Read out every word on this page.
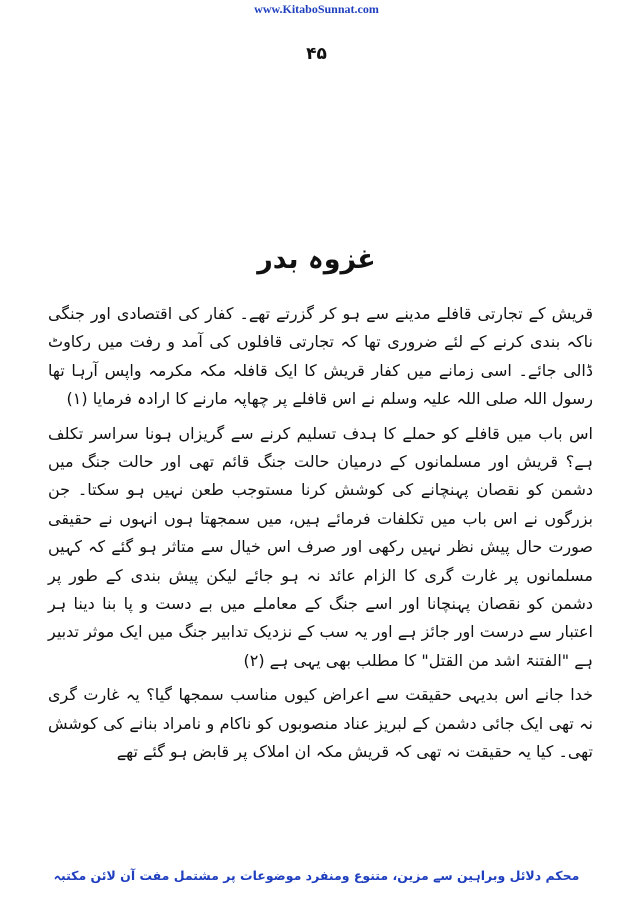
www.KitaboSunnat.com
۴۵
غزوہ بدر

قریش کے تجارتی قافلے مدینے سے ہو کر گزرتے تھے۔ کفار کی اقتصادی اور جنگی ناکہ بندی کرنے کے لئے ضروری تھا کہ تجارتی قافلوں کی آمد و رفت میں رکاوٹ ڈالی جائے۔ اسی زمانے میں کفار قریش کا ایک قافلہ مکہ مکرمہ واپس آرہا تھا رسول اللہ صلی اللہ علیہ وسلم نے اس قافلے پر چھاپہ مارنے کا ارادہ فرمایا (۱)

اس باب میں قافلے کو حملے کا ہدف تسلیم کرنے سے گریزاں ہونا سراسر تکلف ہے؟ قریش اور مسلمانوں کے درمیان حالت جنگ قائم تھی اور حالت جنگ میں دشمن کو نقصان پہنچانے کی کوشش کرنا مستوجب طعن نہیں ہو سکتا۔ جن بزرگوں نے اس باب میں تکلفات فرمائے ہیں، میں سمجھتا ہوں انہوں نے حقیقی صورت حال پیش نظر نہیں رکھی اور صرف اس خیال سے متاثر ہو گئے کہ کہیں مسلمانوں پر غارت گری کا الزام عائد نہ ہو جائے لیکن پیش بندی کے طور پر دشمن کو نقصان پہنچانا اور اسے جنگ کے معاملے میں بے دست و پا بنا دینا ہر اعتبار سے درست اور جائز ہے اور یہ سب کے نزدیک تدابیر جنگ میں ایک موثر تدبیر ہے "الفتنۃ اشد من القتل" کا مطلب بھی یہی ہے (۲)

خدا جانے اس بدیہی حقیقت سے اعراض کیوں مناسب سمجھا گیا؟ یہ غارت گری نہ تھی ایک جائی دشمن کے لبریز عناد منصوبوں کو ناکام و نامراد بنانے کی کوشش تھی۔ کیا یہ حقیقت نہ تھی کہ قریش مکہ ان املاک پر قابض ہو گئے تھے

محکم دلائل وبراہین سے مزین، متنوع ومنفرد موضوعات پر مشتمل مفت آن لائن مکتبہ
